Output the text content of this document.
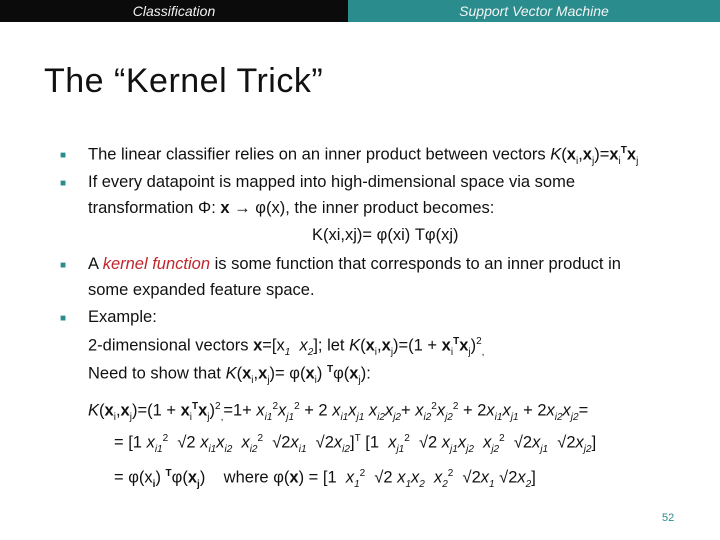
Classification	Support Vector Machine
The “Kernel Trick”
■ The linear classifier relies on an inner product between vectors $K(x_i,x_j)=x_i^Tx_j$
■ If every datapoint is mapped into high-dimensional space via some
transformation Φ: x → φ(x), the inner product becomes:
K(xi,xj)= φ(xi) Tφ(xj)
■ A kernel function is some function that corresponds to an inner product in
some expanded feature space.
■ Example:
2-dimensional vectors $x=[x_1$ $x_2$]; let $K(x_i,x_j)=(1 + x_i^Tx_j)^2_,$
Need to show that $K(x_i,x_j)= \varphi(x_i)$ $^T\varphi(x_j)$:
$K(x_i,x_j)=(1 + x_i^Tx_j)^2_,=1+ x_{i1}^2x_{j1}^2 + 2$ $x_{i1}x_{j1}$ $x_{i2}x_{j2}+ x_{i2}^2x_{j2}^2 + 2x_{i1}x_{j1} + 2x_{i2}x_{j2}=$
= [1 $x_{i1}^2$  √2 $x_{i1}x_{i2}$ $x_{i2}^2$  $√2x_{i1}$  $√2x_{i2}]^T$ [1  $x_{j1}^2$  √2 $x_{j1}x_{j2}$ $x_{j2}^2$  $√2x_{j1}$  $√2x_{j2}$]
= $\varphi(x_i)$ $^T\varphi(x_j)$    where φ(x) = [1 $x_1^2$  √2 $x_1x_2$ $x_2^2$  $√2x_1$ $√2x_2$]
52
